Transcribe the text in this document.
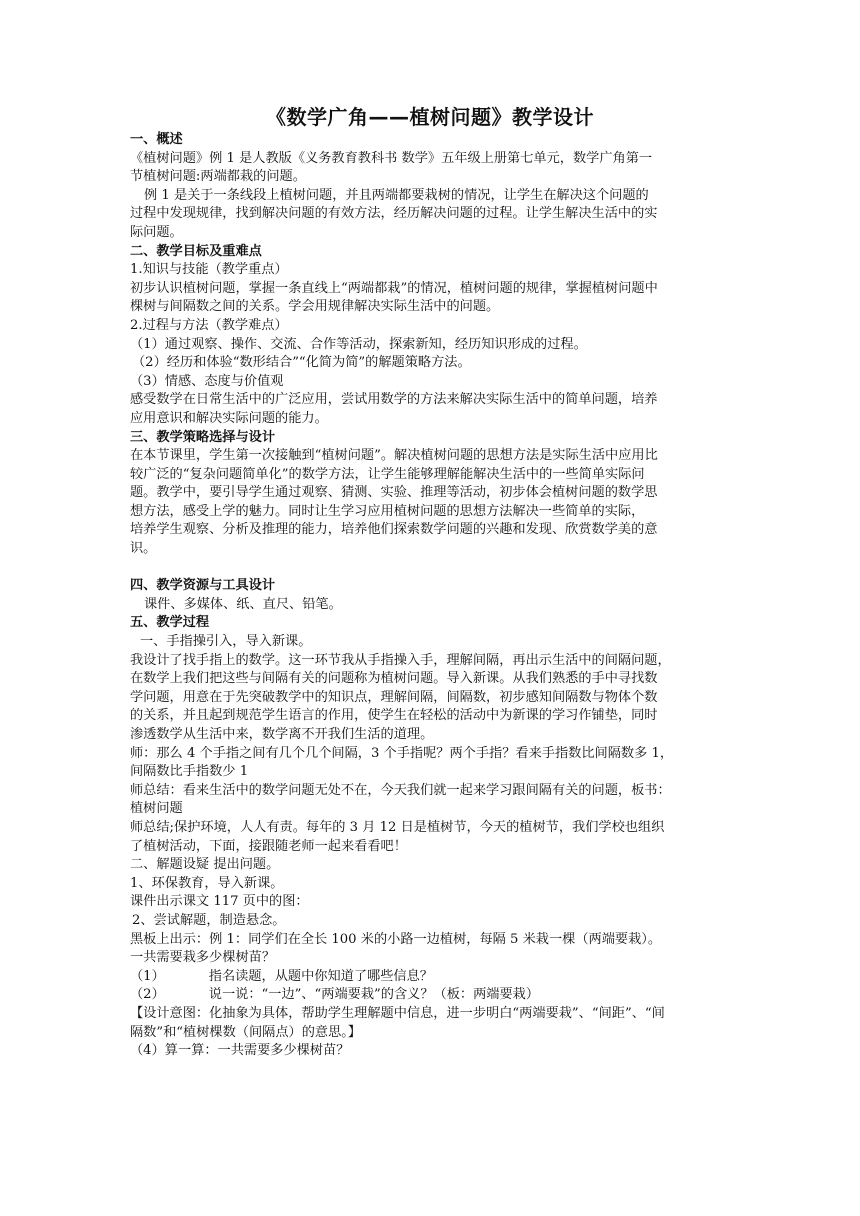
《数学广角——植树问题》教学设计
一、概述
《植树问题》例 1 是人教版《义务教育教科书 数学》五年级上册第七单元，数学广角第一
节植树问题:两端都栽的问题。
例 1 是关于一条线段上植树问题，并且两端都要栽树的情况，让学生在解决这个问题的
过程中发现规律，找到解决问题的有效方法，经历解决问题的过程。让学生解决生活中的实
际问题。
二、教学目标及重难点
1.知识与技能（教学重点）
初步认识植树问题，掌握一条直线上“两端都栽”的情况，植树问题的规律，掌握植树问题中
棵树与间隔数之间的关系。学会用规律解决实际生活中的问题。
2.过程与方法（教学难点）
（1）通过观察、操作、交流、合作等活动，探索新知，经历知识形成的过程。
（2）经历和体验“数形结合”“化简为简”的解题策略方法。
（3）情感、态度与价值观
感受数学在日常生活中的广泛应用，尝试用数学的方法来解决实际生活中的简单问题，培养
应用意识和解决实际问题的能力。
三、教学策略选择与设计
在本节课里，学生第一次接触到“植树问题”。解决植树问题的思想方法是实际生活中应用比
较广泛的“复杂问题简单化”的数学方法，让学生能够理解能解决生活中的一些简单实际问
题。教学中，要引导学生通过观察、猜测、实验、推理等活动，初步体会植树问题的数学思
想方法，感受上学的魅力。同时让生学习应用植树问题的思想方法解决一些简单的实际，
培养学生观察、分析及推理的能力，培养他们探索数学问题的兴趣和发现、欣赏数学美的意
识。
四、教学资源与工具设计
课件、多媒体、纸、直尺、铅笔。
五、教学过程
一、手指操引入，导入新课。
我设计了找手指上的数学。这一环节我从手指操入手，理解间隔，再出示生活中的间隔问题，
在数学上我们把这些与间隔有关的问题称为植树问题。导入新课。从我们熟悉的手中寻找数
学问题，用意在于先突破教学中的知识点，理解间隔，间隔数，初步感知间隔数与物体个数
的关系，并且起到规范学生语言的作用，使学生在轻松的活动中为新课的学习作铺垫，同时
渗透数学从生活中来，数学离不开我们生活的道理。
师：那么 4 个手指之间有几个几个间隔，3 个手指呢？两个手指？看来手指数比间隔数多 1，
间隔数比手指数少 1
师总结：看来生活中的数学问题无处不在，今天我们就一起来学习跟间隔有关的问题，板书：
植树问题
师总结;保护环境，人人有责。每年的 3 月 12 日是植树节，今天的植树节，我们学校也组织
了植树活动，下面，接跟随老师一起来看看吧！
二、解题设疑 提出问题。
1、环保教育，导入新课。
课件出示课文 117 页中的图：
2、尝试解题，制造悬念。
黑板上出示：例 1：同学们在全长 100 米的小路一边植树，每隔 5 米栽一棵（两端要栽）。
一共需要栽多少棵树苗？
（1）	指名读题，从题中你知道了哪些信息？
（2）	说一说：“一边”、“两端要栽”的含义？（板：两端要栽）
【设计意图：化抽象为具体，帮助学生理解题中信息，进一步明白“两端要栽”、“间距”、“间
隔数”和“植树棵数（间隔点）的意思。】
（4）算一算：一共需要多少棵树苗？
